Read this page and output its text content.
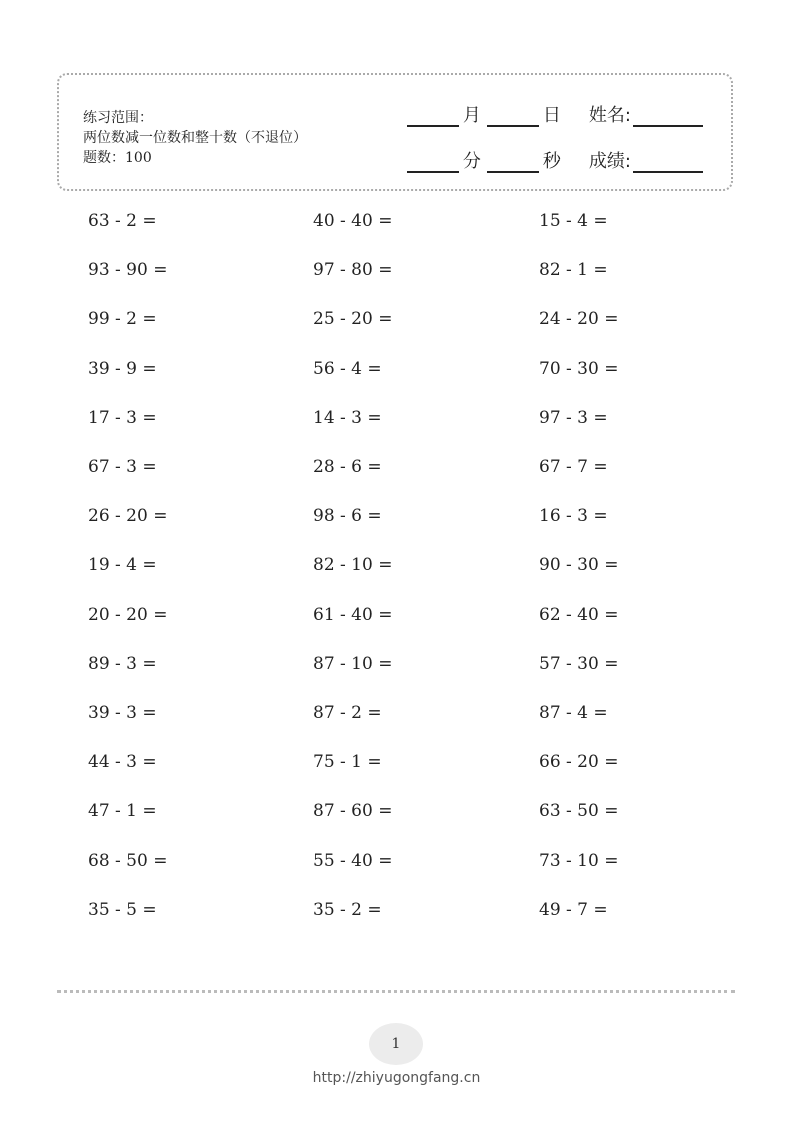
练习范围：
两位数减一位数和整十数（不退位）
题数：100
月	日 姓名:
分	秒 成绩:
63 - 2 =
93 - 90 =
99 - 2 =
39 - 9 =
17 - 3 =
67 - 3 =
26 - 20 =
19 - 4 =
20 - 20 =
89 - 3 =
39 - 3 =
44 - 3 =
47 - 1 =
68 - 50 =
35 - 5 =
40 - 40 =
97 - 80 =
25 - 20 =
56 - 4 =
14 - 3 =
28 - 6 =
98 - 6 =
82 - 10 =
61 - 40 =
87 - 10 =
87 - 2 =
75 - 1 =
87 - 60 =
55 - 40 =
35 - 2 =
15 - 4 =
82 - 1 =
24 - 20 =
70 - 30 =
97 - 3 =
67 - 7 =
16 - 3 =
90 - 30 =
62 - 40 =
57 - 30 =
87 - 4 =
66 - 20 =
63 - 50 =
73 - 10 =
49 - 7 =
1
http://zhiyugongfang.cn
